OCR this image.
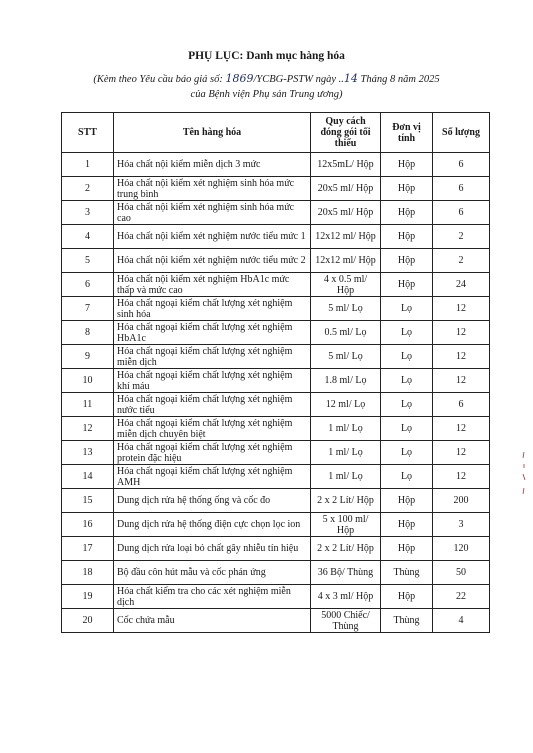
PHỤ LỤC: Danh mục hàng hóa
(Kèm theo Yêu cầu báo giá số: 1869/YCBG-PSTW ngày ..14 Tháng 8 năm 2025
của Bệnh viện Phụ sản Trung ương)
STT	Tên hàng hóa	Quy cách đóng gói tối thiểu	Đơn vị tính	Số lượng
1	Hóa chất nội kiểm miễn dịch 3 mức	12x5mL/ Hộp	Hộp	6
2	Hóa chất nội kiểm xét nghiệm sinh hóa mức trung bình	20x5 ml/ Hộp	Hộp	6
3	Hóa chất nội kiểm xét nghiệm sinh hóa mức cao	20x5 ml/ Hộp	Hộp	6
4	Hóa chất nội kiểm xét nghiệm nước tiểu mức 1	12x12 ml/ Hộp	Hộp	2
5	Hóa chất nội kiểm xét nghiệm nước tiểu mức 2	12x12 ml/ Hộp	Hộp	2
6	Hóa chất nội kiểm xét nghiệm HbA1c mức thấp và mức cao	4 x 0.5 ml/ Hộp	Hộp	24
7	Hóa chất ngoại kiểm chất lượng xét nghiệm sinh hóa	5 ml/ Lọ	Lọ	12
8	Hóa chất ngoại kiểm chất lượng xét nghiệm HbA1c	0.5 ml/ Lọ	Lọ	12
9	Hóa chất ngoại kiểm chất lượng xét nghiệm miễn dịch	5 ml/ Lọ	Lọ	12
10	Hóa chất ngoại kiểm chất lượng xét nghiệm khí máu	1.8 ml/ Lọ	Lọ	12
11	Hóa chất ngoại kiểm chất lượng xét nghiệm nước tiểu	12 ml/ Lọ	Lọ	6
12	Hóa chất ngoại kiểm chất lượng xét nghiệm miễn dịch chuyên biệt	1 ml/ Lọ	Lọ	12
13	Hóa chất ngoại kiểm chất lượng xét nghiệm protein đặc hiệu	1 ml/ Lọ	Lọ	12
14	Hóa chất ngoại kiểm chất lượng xét nghiệm AMH	1 ml/ Lọ	Lọ	12
15	Dung dịch rửa hệ thống ống và cốc đo	2 x 2 Lít/ Hộp	Hộp	200
16	Dung dịch rửa hệ thống điện cực chọn lọc ion	5 x 100 ml/ Hộp	Hộp	3
17	Dung dịch rửa loại bỏ chất gây nhiễu tín hiệu	2 x 2 Lít/ Hộp	Hộp	120
18	Bộ đầu côn hút mẫu và cốc phản ứng	36 Bộ/ Thùng	Thùng	50
19	Hóa chất kiểm tra cho các xét nghiệm miễn dịch	4 x 3 ml/ Hộp	Hộp	22
20	Cốc chứa mẫu	5000 Chiếc/ Thùng	Thùng	4
